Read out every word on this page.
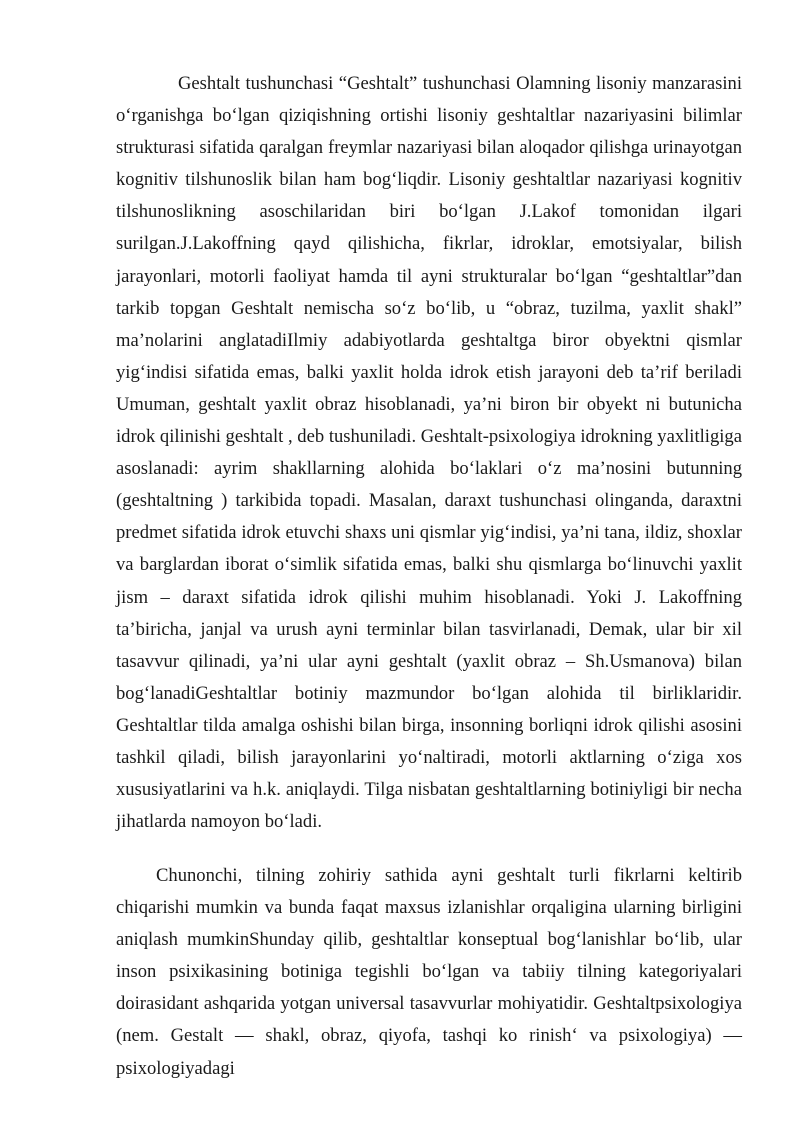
Geshtalt tushunchasi “Geshtalt” tushunchasi Olamning lisoniy manzarasini o‘rganishga bo‘lgan qiziqishning ortishi lisoniy geshtaltlar nazariyasini bilimlar strukturasi sifatida qaralgan freymlar nazariyasi bilan aloqador qilishga urinayotgan kognitiv tilshunoslik bilan ham bog‘liqdir. Lisoniy geshtaltlar nazariyasi kognitiv tilshunoslikning asoschilaridan biri bo‘lgan J.Lakof tomonidan ilgari surilgan.J.Lakoffning qayd qilishicha, fikrlar, idroklar, emotsiyalar, bilish jarayonlari, motorli faoliyat hamda til ayni strukturalar bo‘lgan “geshtaltlar”dan tarkib topgan Geshtalt nemischa so‘z bo‘lib, u “obraz, tuzilma, yaxlit shakl” ma’nolarini anglatadiIlmiy adabiyotlarda geshtaltga biror obyektni qismlar yig‘indisi sifatida emas, balki yaxlit holda idrok etish jarayoni deb ta’rif beriladi Umuman, geshtalt yaxlit obraz hisoblanadi, ya’ni biron bir obyekt ni butunicha idrok qilinishi geshtalt , deb tushuniladi. Geshtalt-psixologiya idrokning yaxlitligiga asoslanadi: ayrim shakllarning alohida bo‘laklari o‘z ma’nosini butunning (geshtaltning ) tarkibida topadi. Masalan, daraxt tushunchasi olinganda, daraxtni predmet sifatida idrok etuvchi shaxs uni qismlar yig‘indisi, ya’ni tana, ildiz, shoxlar va barglardan iborat o‘simlik sifatida emas, balki shu qismlarga bo‘linuvchi yaxlit jism – daraxt sifatida idrok qilishi muhim hisoblanadi. Yoki J. Lakoffning ta’biricha, janjal va urush ayni terminlar bilan tasvirlanadi, Demak, ular bir xil tasavvur qilinadi, ya’ni ular ayni geshtalt (yaxlit obraz – Sh.Usmanova) bilan bog‘lanadiGeshtaltlar botiniy mazmundor bo‘lgan alohida til birliklaridir. Geshtaltlar tilda amalga oshishi bilan birga, insonning borliqni idrok qilishi asosini tashkil qiladi, bilish jarayonlarini yo‘naltiradi, motorli aktlarning o‘ziga xos xususiyatlarini va h.k. aniqlaydi. Tilga nisbatan geshtaltlarning botiniyligi bir necha jihatlarda namoyon bo‘ladi.

Chunonchi, tilning zohiriy sathida ayni geshtalt turli fikrlarni keltirib chiqarishi mumkin va bunda faqat maxsus izlanishlar orqaligina ularning birligini aniqlash mumkinShunday qilib, geshtaltlar konseptual bog‘lanishlar bo‘lib, ular inson psixikasining botiniga tegishli bo‘lgan va tabiiy tilning kategoriyalari doirasidant ashqarida yotgan universal tasavvurlar mohiyatidir. Geshtaltpsixologiya (nem. Gestalt — shakl, obraz, qiyofa, tashqi ko rinish‘ va psixologiya) — psixologiyadagi
